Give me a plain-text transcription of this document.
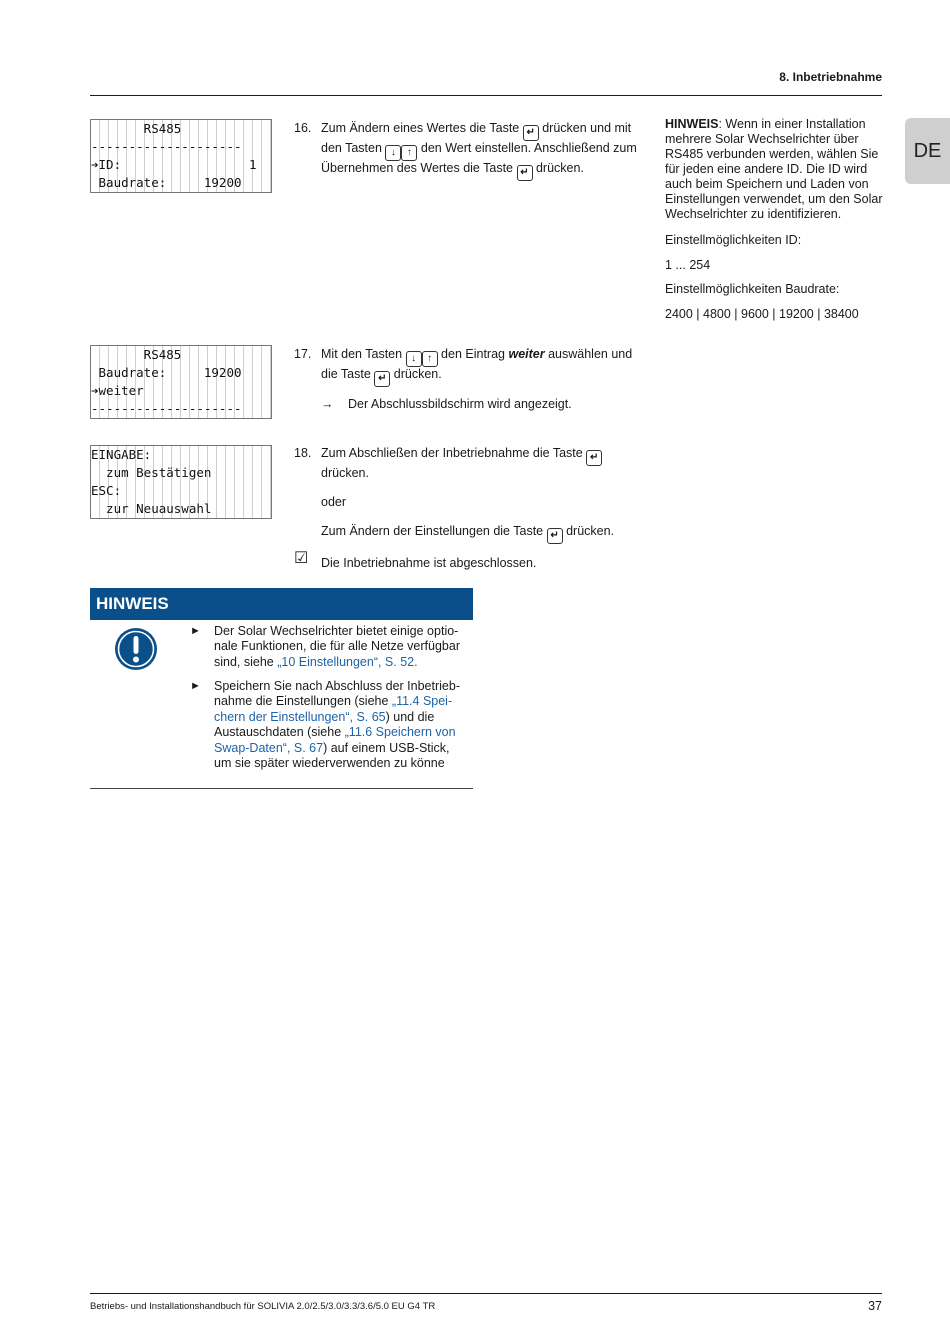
8. Inbetriebnahme
DE
RS485
--------------------
➔ID:                 1
Baudrate:     19200
RS485
Baudrate:     19200
➔weiter
--------------------
EINGABE:
zum Bestätigen
ESC:
zur Neuauswahl
16. Zum Ändern eines Wertes die Taste ↵ drücken und mit den Tasten ↓ ↑ den Wert einstellen. Anschließend zum Übernehmen des Wertes die Taste ↵ drücken.
17. Mit den Tasten ↓ ↑ den Eintrag weiter auswählen und die Taste ↵ drücken.
→ Der Abschlussbildschirm wird angezeigt.
18. Zum Abschließen der Inbetriebnahme die Taste ↵ drücken.
oder
Zum Ändern der Einstellungen die Taste ↵ drücken.
☑ Die Inbetriebnahme ist abgeschlossen.
HINWEIS: Wenn in einer Installation mehrere Solar Wechselrichter über RS485 verbunden werden, wählen Sie für jeden eine andere ID. Die ID wird auch beim Speichern und Laden von Einstellungen verwendet, um den Solar Wechselrichter zu identifizieren.
Einstellmöglichkeiten ID:
1 ... 254
Einstellmöglichkeiten Baudrate:
2400 | 4800 | 9600 | 19200 | 38400
HINWEIS
► Der Solar Wechselrichter bietet einige optionale Funktionen, die für alle Netze verfügbar sind, siehe „10 Einstellungen“, S. 52.
► Speichern Sie nach Abschluss der Inbetriebnahme die Einstellungen (siehe „11.4 Speichern der Einstellungen“, S. 65) und die Austauschdaten (siehe „11.6 Speichern von Swap-Daten“, S. 67) auf einem USB-Stick, um sie später wiederverwenden zu könne
Betriebs- und Installationshandbuch für SOLIVIA 2.0/2.5/3.0/3.3/3.6/5.0 EU G4 TR	37
